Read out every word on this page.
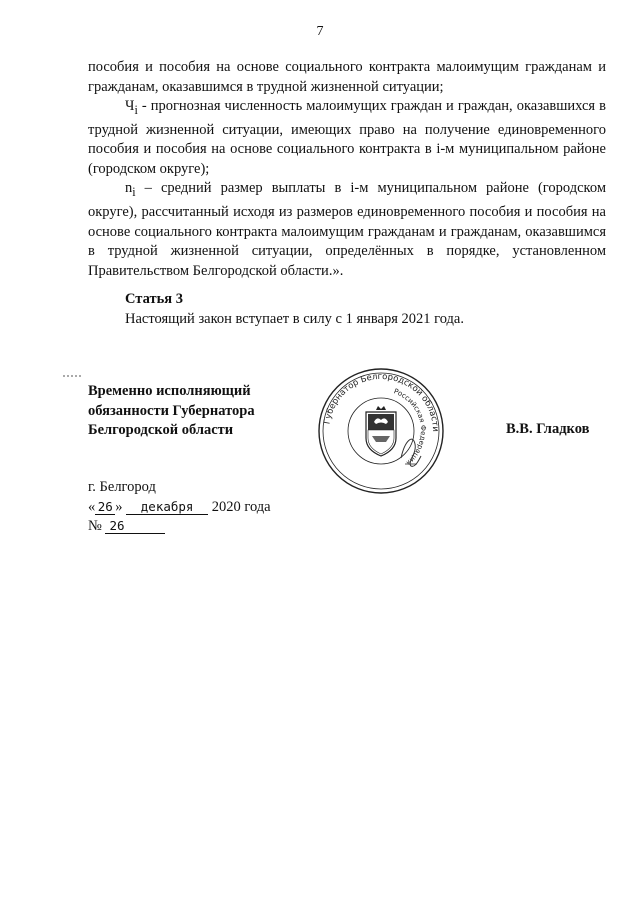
7

пособия и пособия на основе социального контракта малоимущим гражданам и гражданам, оказавшимся в трудной жизненной ситуации;

$Ч_i$ - прогнозная численность малоимущих граждан и граждан, оказавшихся в трудной жизненной ситуации, имеющих право на получение единовременного пособия и пособия на основе социального контракта в i-м муниципальном районе (городском округе);

$n_i$ – средний размер выплаты в i-м муниципальном районе (городском округе), рассчитанный исходя из размеров единовременного пособия и пособия на основе социального контракта малоимущим гражданам и гражданам, оказавшимся в трудной жизненной ситуации, определённых в порядке, установленном Правительством Белгородской области.».

Статья 3
Настоящий закон вступает в силу с 1 января 2021 года.
Временно исполняющий
обязанности Губернатора
Белгородской области
Губернатор Белгородской области
Российская Федерация
В.В. Гладков
г. Белгород
« 26 » декабря 2020 года
№ 26
